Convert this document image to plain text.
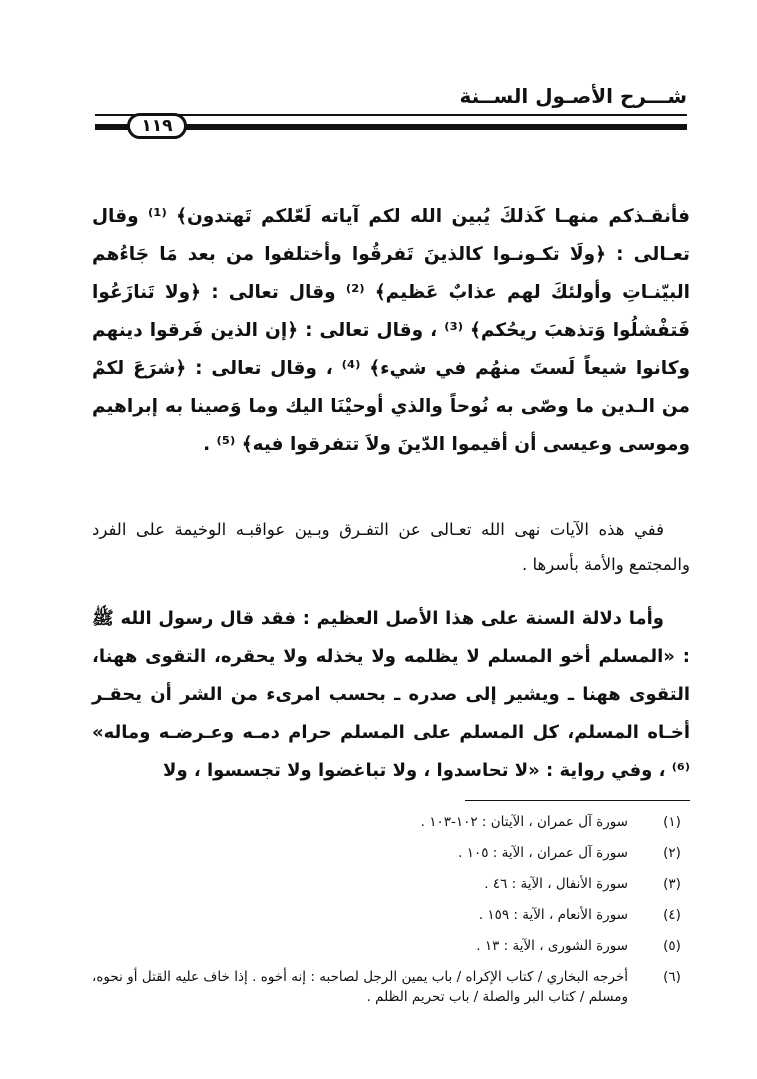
شـــرح الأصـول الســنة
١١٩
فأنقـذكم منهـا كَذلكَ يُبين الله لكم آياته لَعّلكم تَهتدون﴾ ⁽¹⁾ وقال تعـالى : ﴿ولَا تكـونـوا كالذينَ تَفرقُوا وأختلفوا من بعد مَا جَاءُهم البيّنـاتِ وأولئكَ لهم عذابٌ عَظيم﴾ ⁽²⁾ وقال تعالى : ﴿ولا تَنازَعُوا فَتفْشلُوا وَتذهبَ ريحُكم﴾ ⁽³⁾ ، وقال تعالى : ﴿إن الذين فَرقوا دينهم وكانوا شيعاً لَستَ منهُم في شيء﴾ ⁽⁴⁾ ، وقال تعالى : ﴿شرَعَ لكمْ من الـدين ما وصّى به نُوحاً والذي أوحيْنَا اليك وما وَصينا به إبراهيم وموسى وعيسى أن أقيموا الدّينَ ولاَ تتفرقوا فيه﴾ ⁽⁵⁾ .
ففي هذه الآيات نهى الله تعـالى عن التفـرق وبـين عواقبـه الوخيمة على الفرد والمجتمع والأمة بأسرها .
وأما دلالة السنة على هذا الأصل العظيم : فقد قال رسول الله ﷺ : «المسلم أخو المسلم لا يظلمه ولا يخذله ولا يحقره، التقوى ههنا، التقوى ههنا ـ ويشير إلى صدره ـ بحسب امرىء من الشر أن يحقـر أخـاه المسلم، كل المسلم على المسلم حرام دمـه وعـرضـه وماله» ⁽⁶⁾ ، وفي رواية : «لا تحاسدوا ، ولا تباغضوا ولا تجسسوا ، ولا
(١)
سورة آل عمران ، الآيتان : ١٠٢-١٠٣ .
(٢)
سورة آل عمران ، الآية : ١٠٥ .
(٣)
سورة الأنفال ، الآية : ٤٦ .
(٤)
سورة الأنعام ، الآية : ١٥٩ .
(٥)
سورة الشورى ، الآية : ١٣ .
(٦)
أخرجه البخاري / كتاب الإكراه / باب يمين الرجل لصاحبه : إنه أخوه . إذا خاف عليه القتل أو نحوه، ومسلم / كتاب البر والصلة / باب تحريم الظلم .
